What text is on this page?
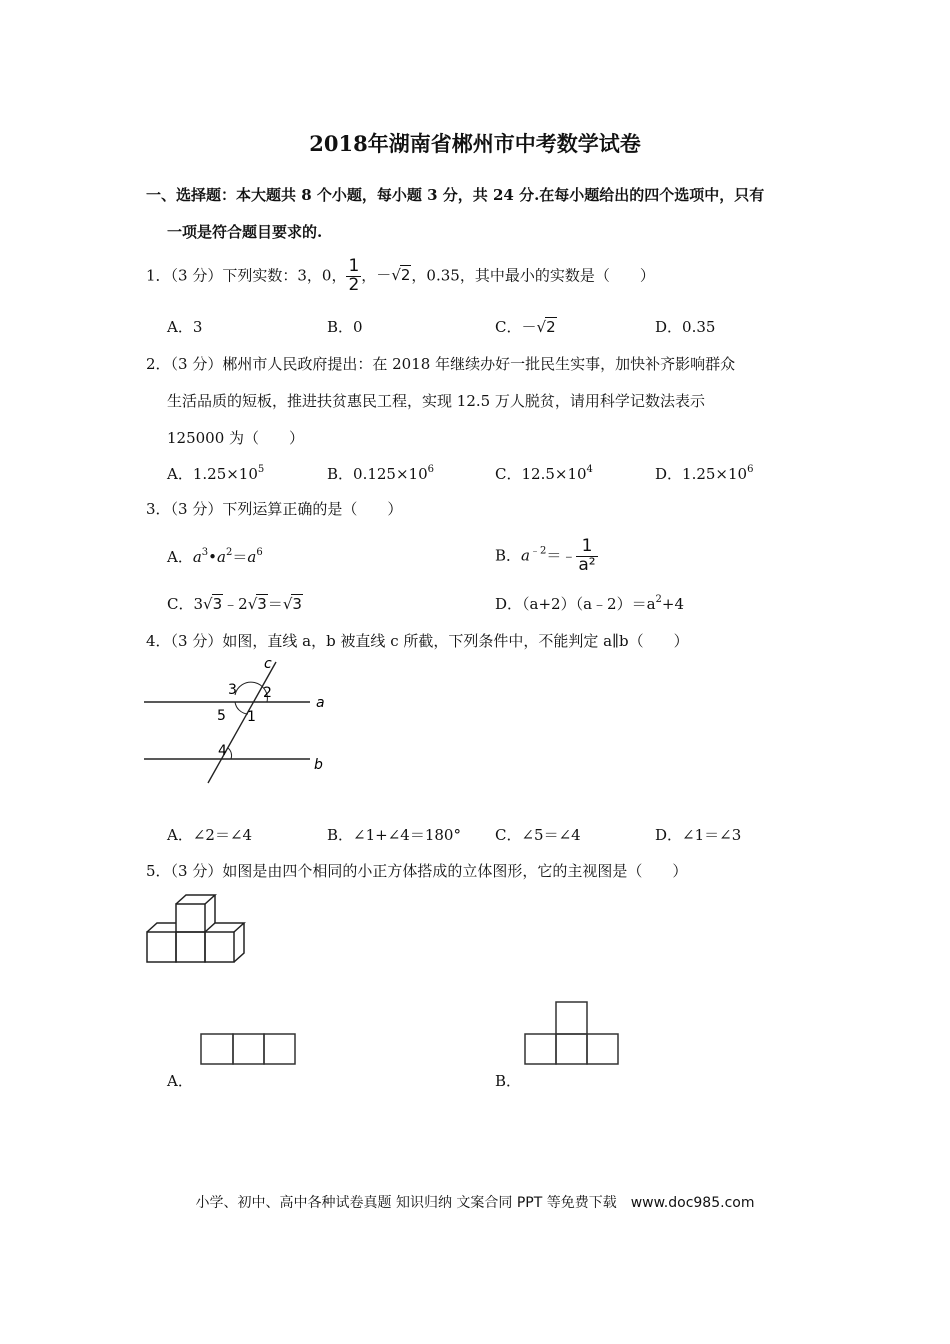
2018年湖南省郴州市中考数学试卷
一、选择题：本大题共 8 个小题，每小题 3 分，共 24 分.在每小题给出的四个选项中，只有
一项是符合题目要求的.
1．（3 分）下列实数：3，0， $\frac{1}{2}$ ，－√2，0.35，其中最小的实数是（　　）
A．3	B．0	C．－√2	D．0.35
2．（3 分）郴州市人民政府提出：在 2018 年继续办好一批民生实事，加快补齐影响群众
生活品质的短板，推进扶贫惠民工程，实现 12.5 万人脱贫，请用科学记数法表示
125000 为（　　）
A．$1.25\times 10^5$	B．$0.125\times 10^6$	C．$12.5\times 10^4$	D．$1.25\times 10^6$
3．（3 分）下列运算正确的是（　　）
A．$a^3•a^2=a^6$	B．$a^{﹣2}=﹣ \frac{1}{\text{a²}}$
C．3√3﹣2√3＝√3	D．$(a+2)(a﹣2)=a^2+4$
4．（3 分）如图，直线 a，b 被直线 c 所截，下列条件中，不能判定 a∥b（　　）
c
3 2
5 1
a
4
b
A．∠2＝∠4	B．∠1+∠4＝180° C．∠5＝∠4	D．∠1＝∠3
5．（3 分）如图是由四个相同的小正方体搭成的立体图形，它的主视图是（　　）
A．	B．
小学、初中、高中各种试卷真题 知识归纳 文案合同 PPT 等免费下载　www.doc985.com
